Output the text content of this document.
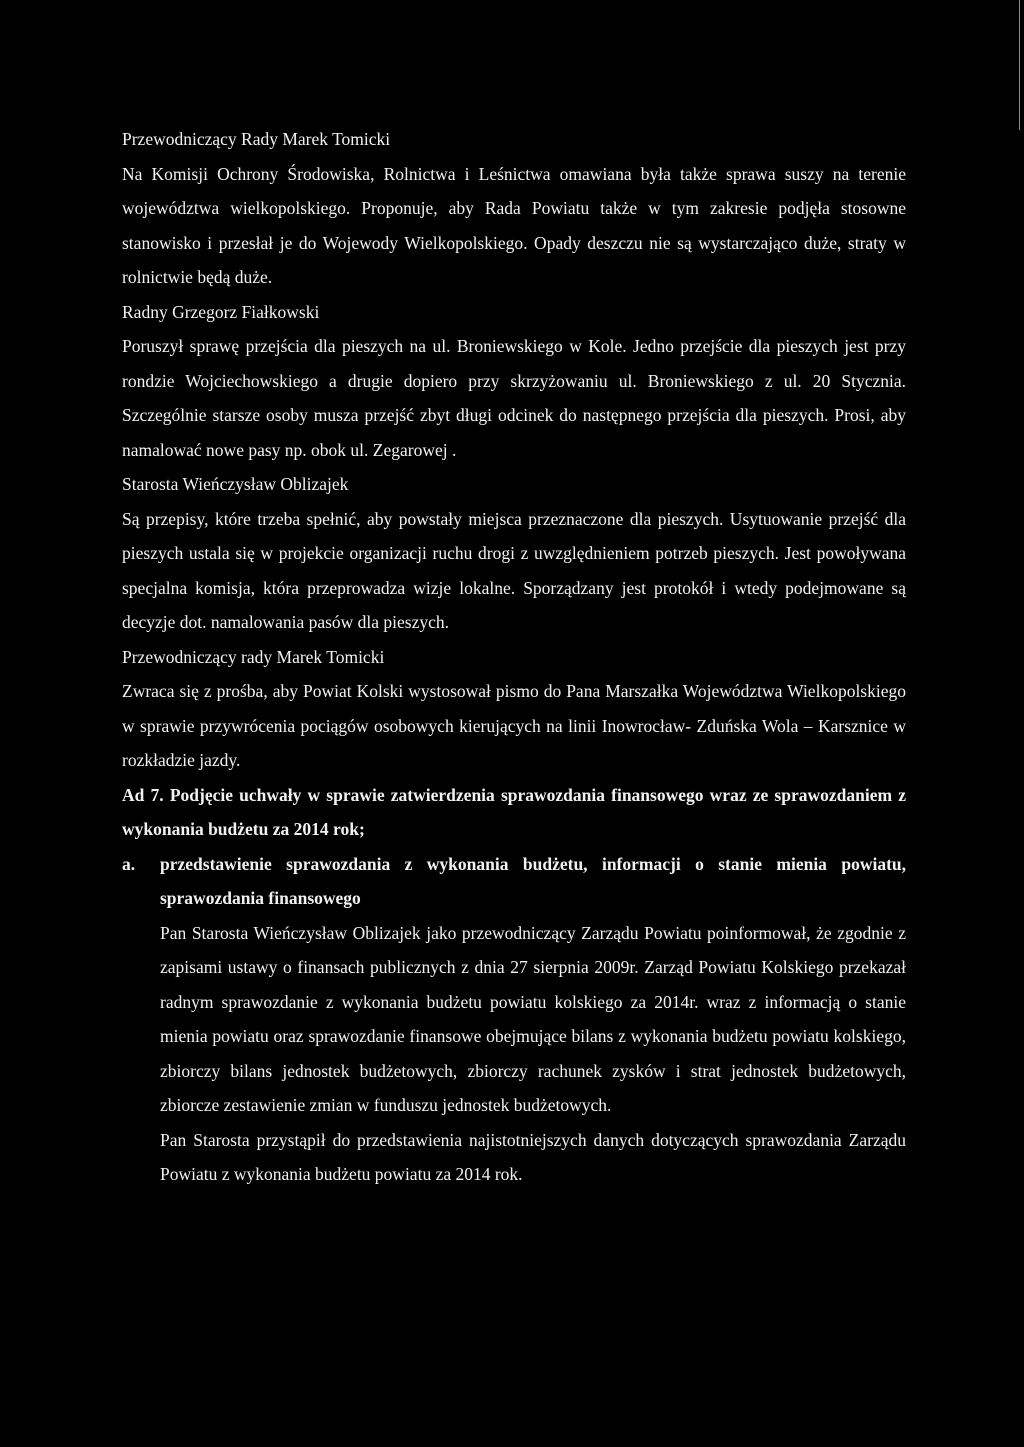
Przewodniczący Rady Marek Tomicki

Na Komisji Ochrony Środowiska, Rolnictwa i Leśnictwa omawiana była także sprawa suszy na terenie województwa wielkopolskiego. Proponuje, aby Rada Powiatu także w tym zakresie podjęła stosowne stanowisko i przesłał je do Wojewody Wielkopolskiego. Opady deszczu nie są wystarczająco duże, straty w rolnictwie będą duże.

Radny Grzegorz Fiałkowski

Poruszył sprawę przejścia dla pieszych na ul. Broniewskiego w Kole. Jedno przejście dla pieszych jest przy rondzie Wojciechowskiego a drugie dopiero przy skrzyżowaniu ul. Broniewskiego z ul. 20 Stycznia. Szczególnie starsze osoby musza przejść zbyt długi odcinek do następnego przejścia dla pieszych. Prosi, aby namalować nowe pasy np. obok ul. Zegarowej .

Starosta Wieńczysław Oblizajek

Są przepisy, które trzeba spełnić, aby powstały miejsca przeznaczone dla pieszych. Usytuowanie przejść dla pieszych ustala się w projekcie organizacji ruchu drogi z uwzględnieniem potrzeb pieszych. Jest powoływana specjalna komisja, która przeprowadza wizje lokalne. Sporządzany jest protokół i wtedy podejmowane są decyzje dot. namalowania pasów dla pieszych.

Przewodniczący rady Marek Tomicki

Zwraca się z prośba, aby Powiat Kolski wystosował pismo do Pana Marszałka Województwa Wielkopolskiego w sprawie przywrócenia pociągów osobowych kierujących na linii Inowrocław- Zduńska Wola – Karsznice w rozkładzie jazdy.

Ad 7. Podjęcie uchwały w sprawie zatwierdzenia sprawozdania finansowego wraz ze sprawozdaniem z wykonania budżetu za 2014 rok;
a. przedstawienie sprawozdania z wykonania budżetu, informacji o stanie mienia powiatu, sprawozdania finansowego

Pan Starosta Wieńczysław Oblizajek jako przewodniczący Zarządu Powiatu poinformował, że zgodnie z zapisami ustawy o finansach publicznych z dnia 27 sierpnia 2009r. Zarząd Powiatu Kolskiego przekazał radnym sprawozdanie z wykonania budżetu powiatu kolskiego za 2014r. wraz z informacją o stanie mienia powiatu oraz sprawozdanie finansowe obejmujące bilans z wykonania budżetu powiatu kolskiego, zbiorczy bilans jednostek budżetowych, zbiorczy rachunek zysków i strat jednostek budżetowych, zbiorcze zestawienie zmian w funduszu jednostek budżetowych.

Pan Starosta przystąpił do przedstawienia najistotniejszych danych dotyczących sprawozdania Zarządu Powiatu z wykonania budżetu powiatu za 2014 rok.
